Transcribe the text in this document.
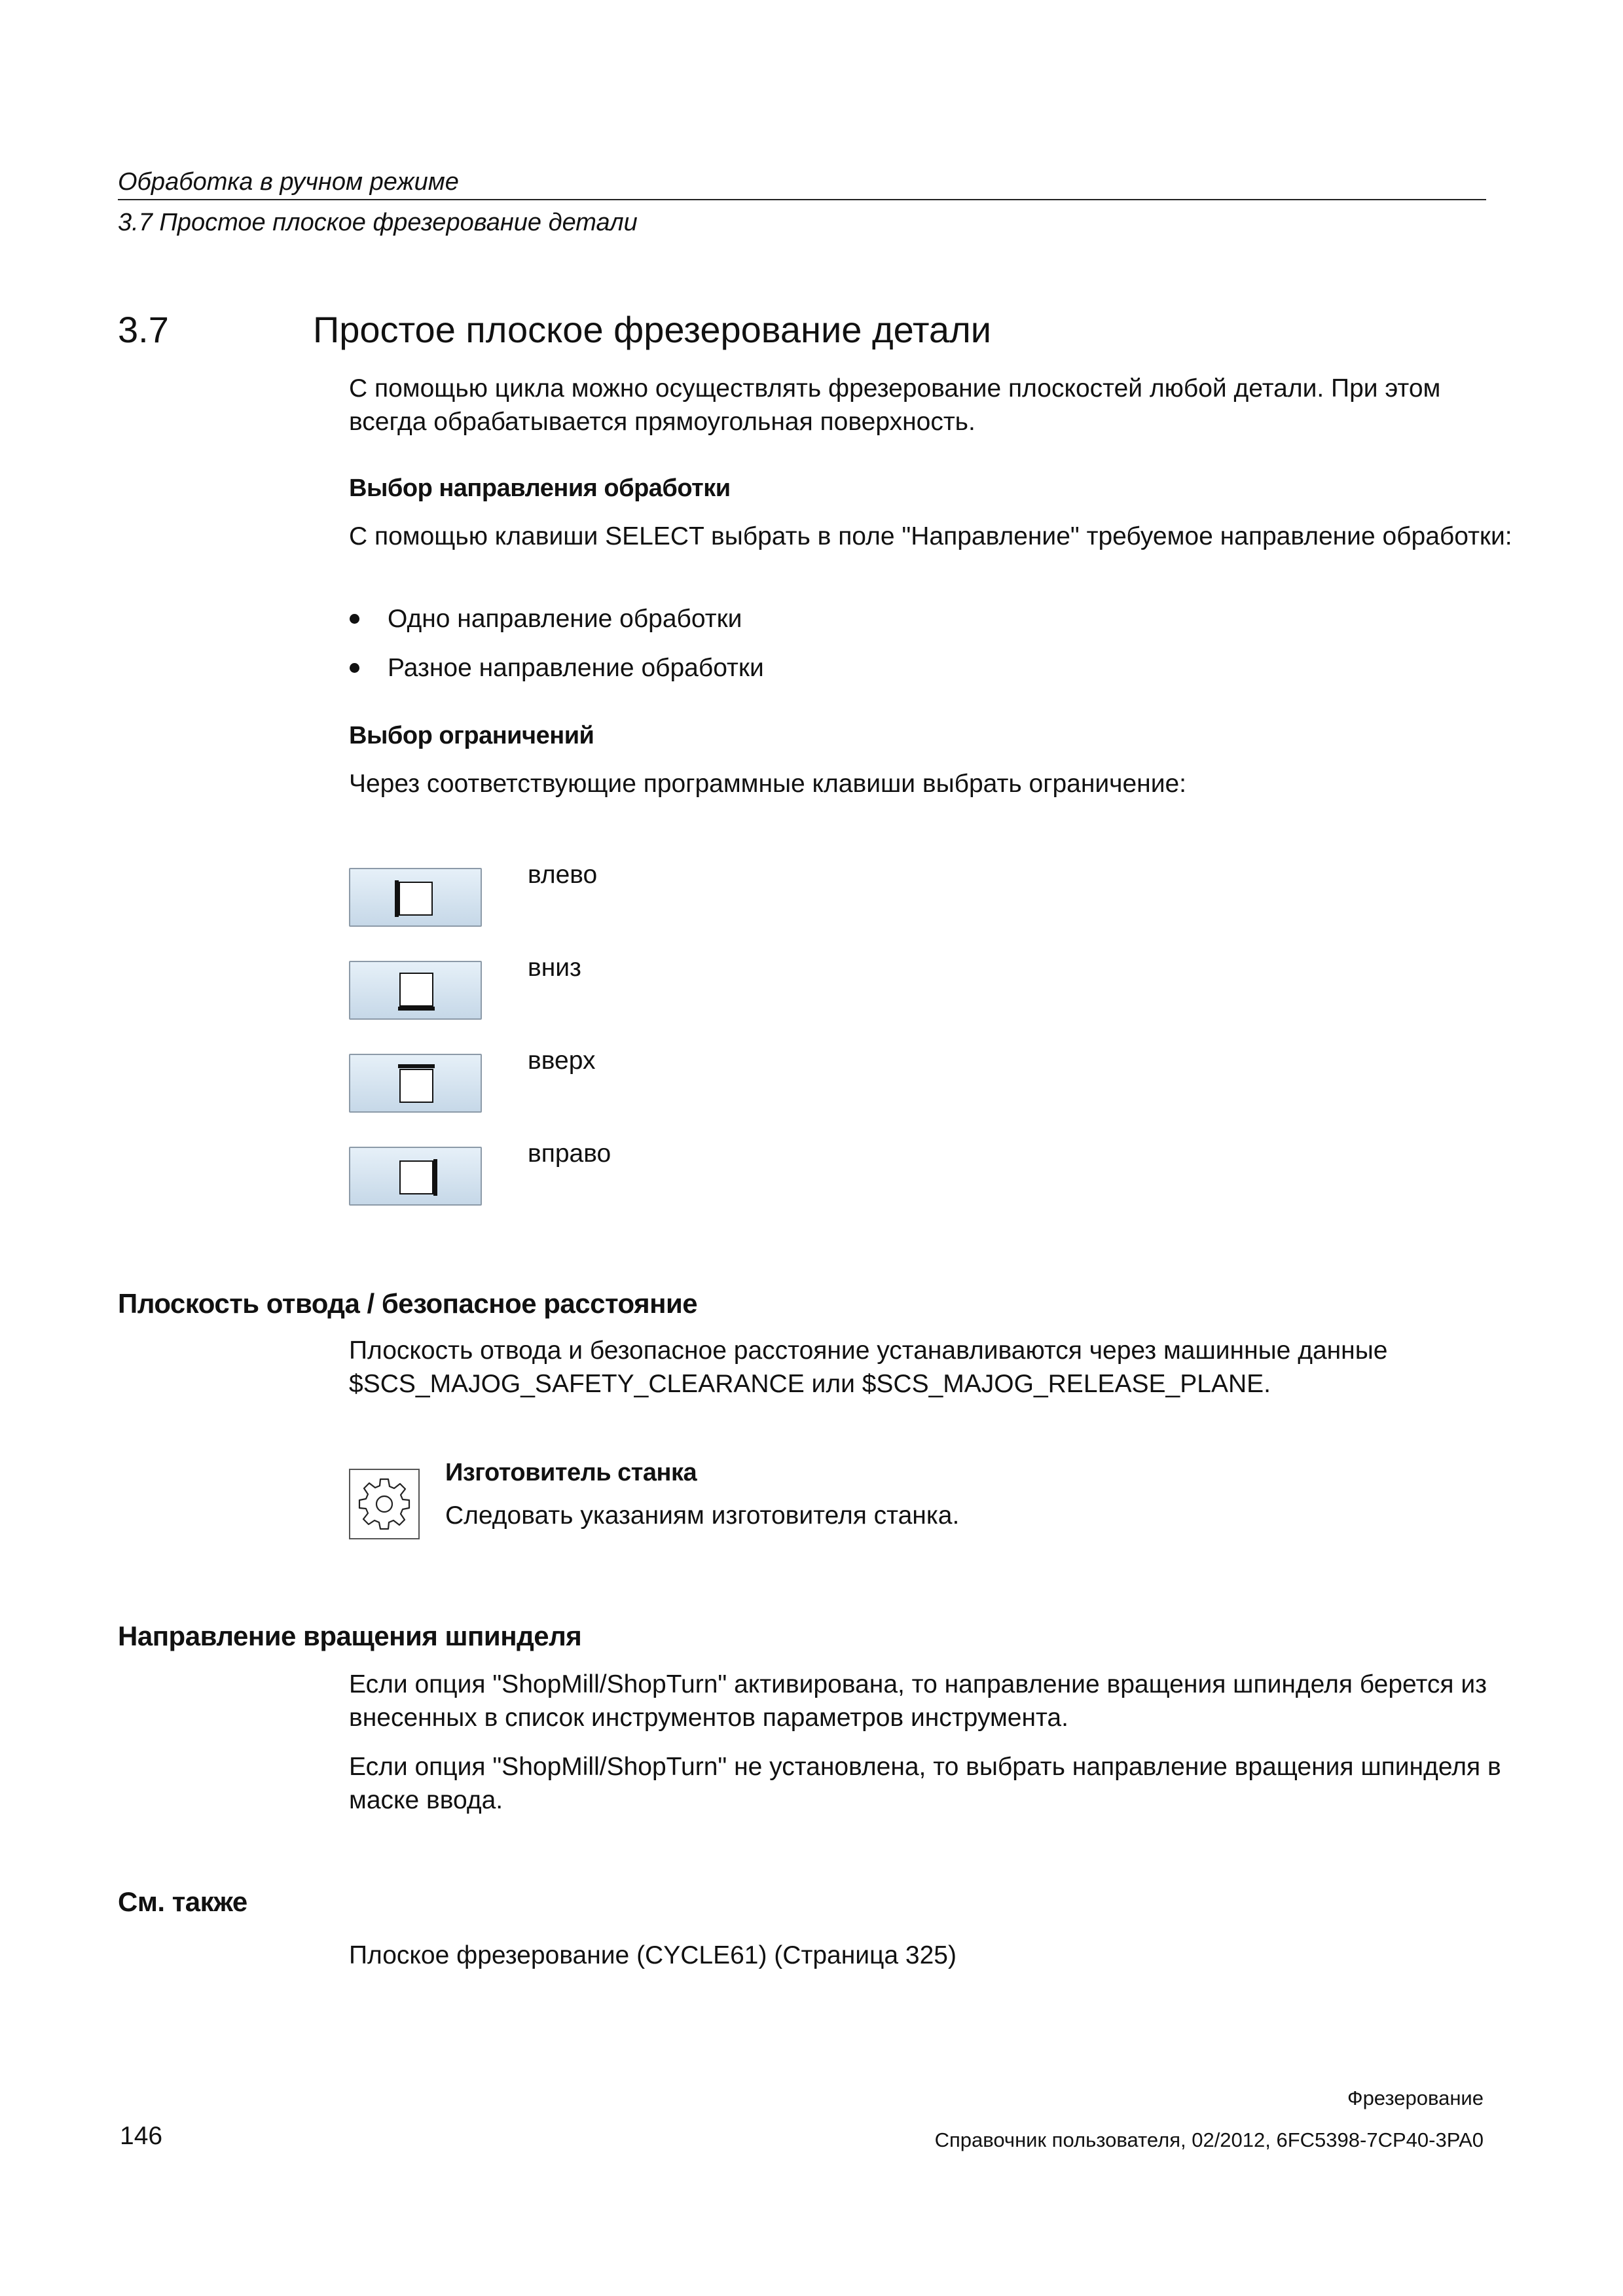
Обработка в ручном режиме
3.7 Простое плоское фрезерование детали
3.7	Простое плоское фрезерование детали
С помощью цикла можно осуществлять фрезерование плоскостей любой детали. При этом всегда обрабатывается прямоугольная поверхность.
Выбор направления обработки
С помощью клавиши SELECT выбрать в поле "Направление" требуемое направление обработки:
Одно направление обработки
Разное направление обработки
Выбор ограничений
Через соответствующие программные клавиши выбрать ограничение:
влево
вниз
вверх
вправо
Плоскость отвода / безопасное расстояние
Плоскость отвода и безопасное расстояние устанавливаются через машинные данные $SCS_MAJOG_SAFETY_CLEARANCE или $SCS_MAJOG_RELEASE_PLANE.
Изготовитель станка
Следовать указаниям изготовителя станка.
Направление вращения шпинделя
Если опция "ShopMill/ShopTurn" активирована, то направление вращения шпинделя берется из внесенных в список инструментов параметров инструмента.
Если опция "ShopMill/ShopTurn" не установлена, то выбрать направление вращения шпинделя в маске ввода.
См. также
Плоское фрезерование (CYCLE61) (Страница 325)
Фрезерование
146	Справочник пользователя, 02/2012, 6FC5398-7CP40-3PA0
